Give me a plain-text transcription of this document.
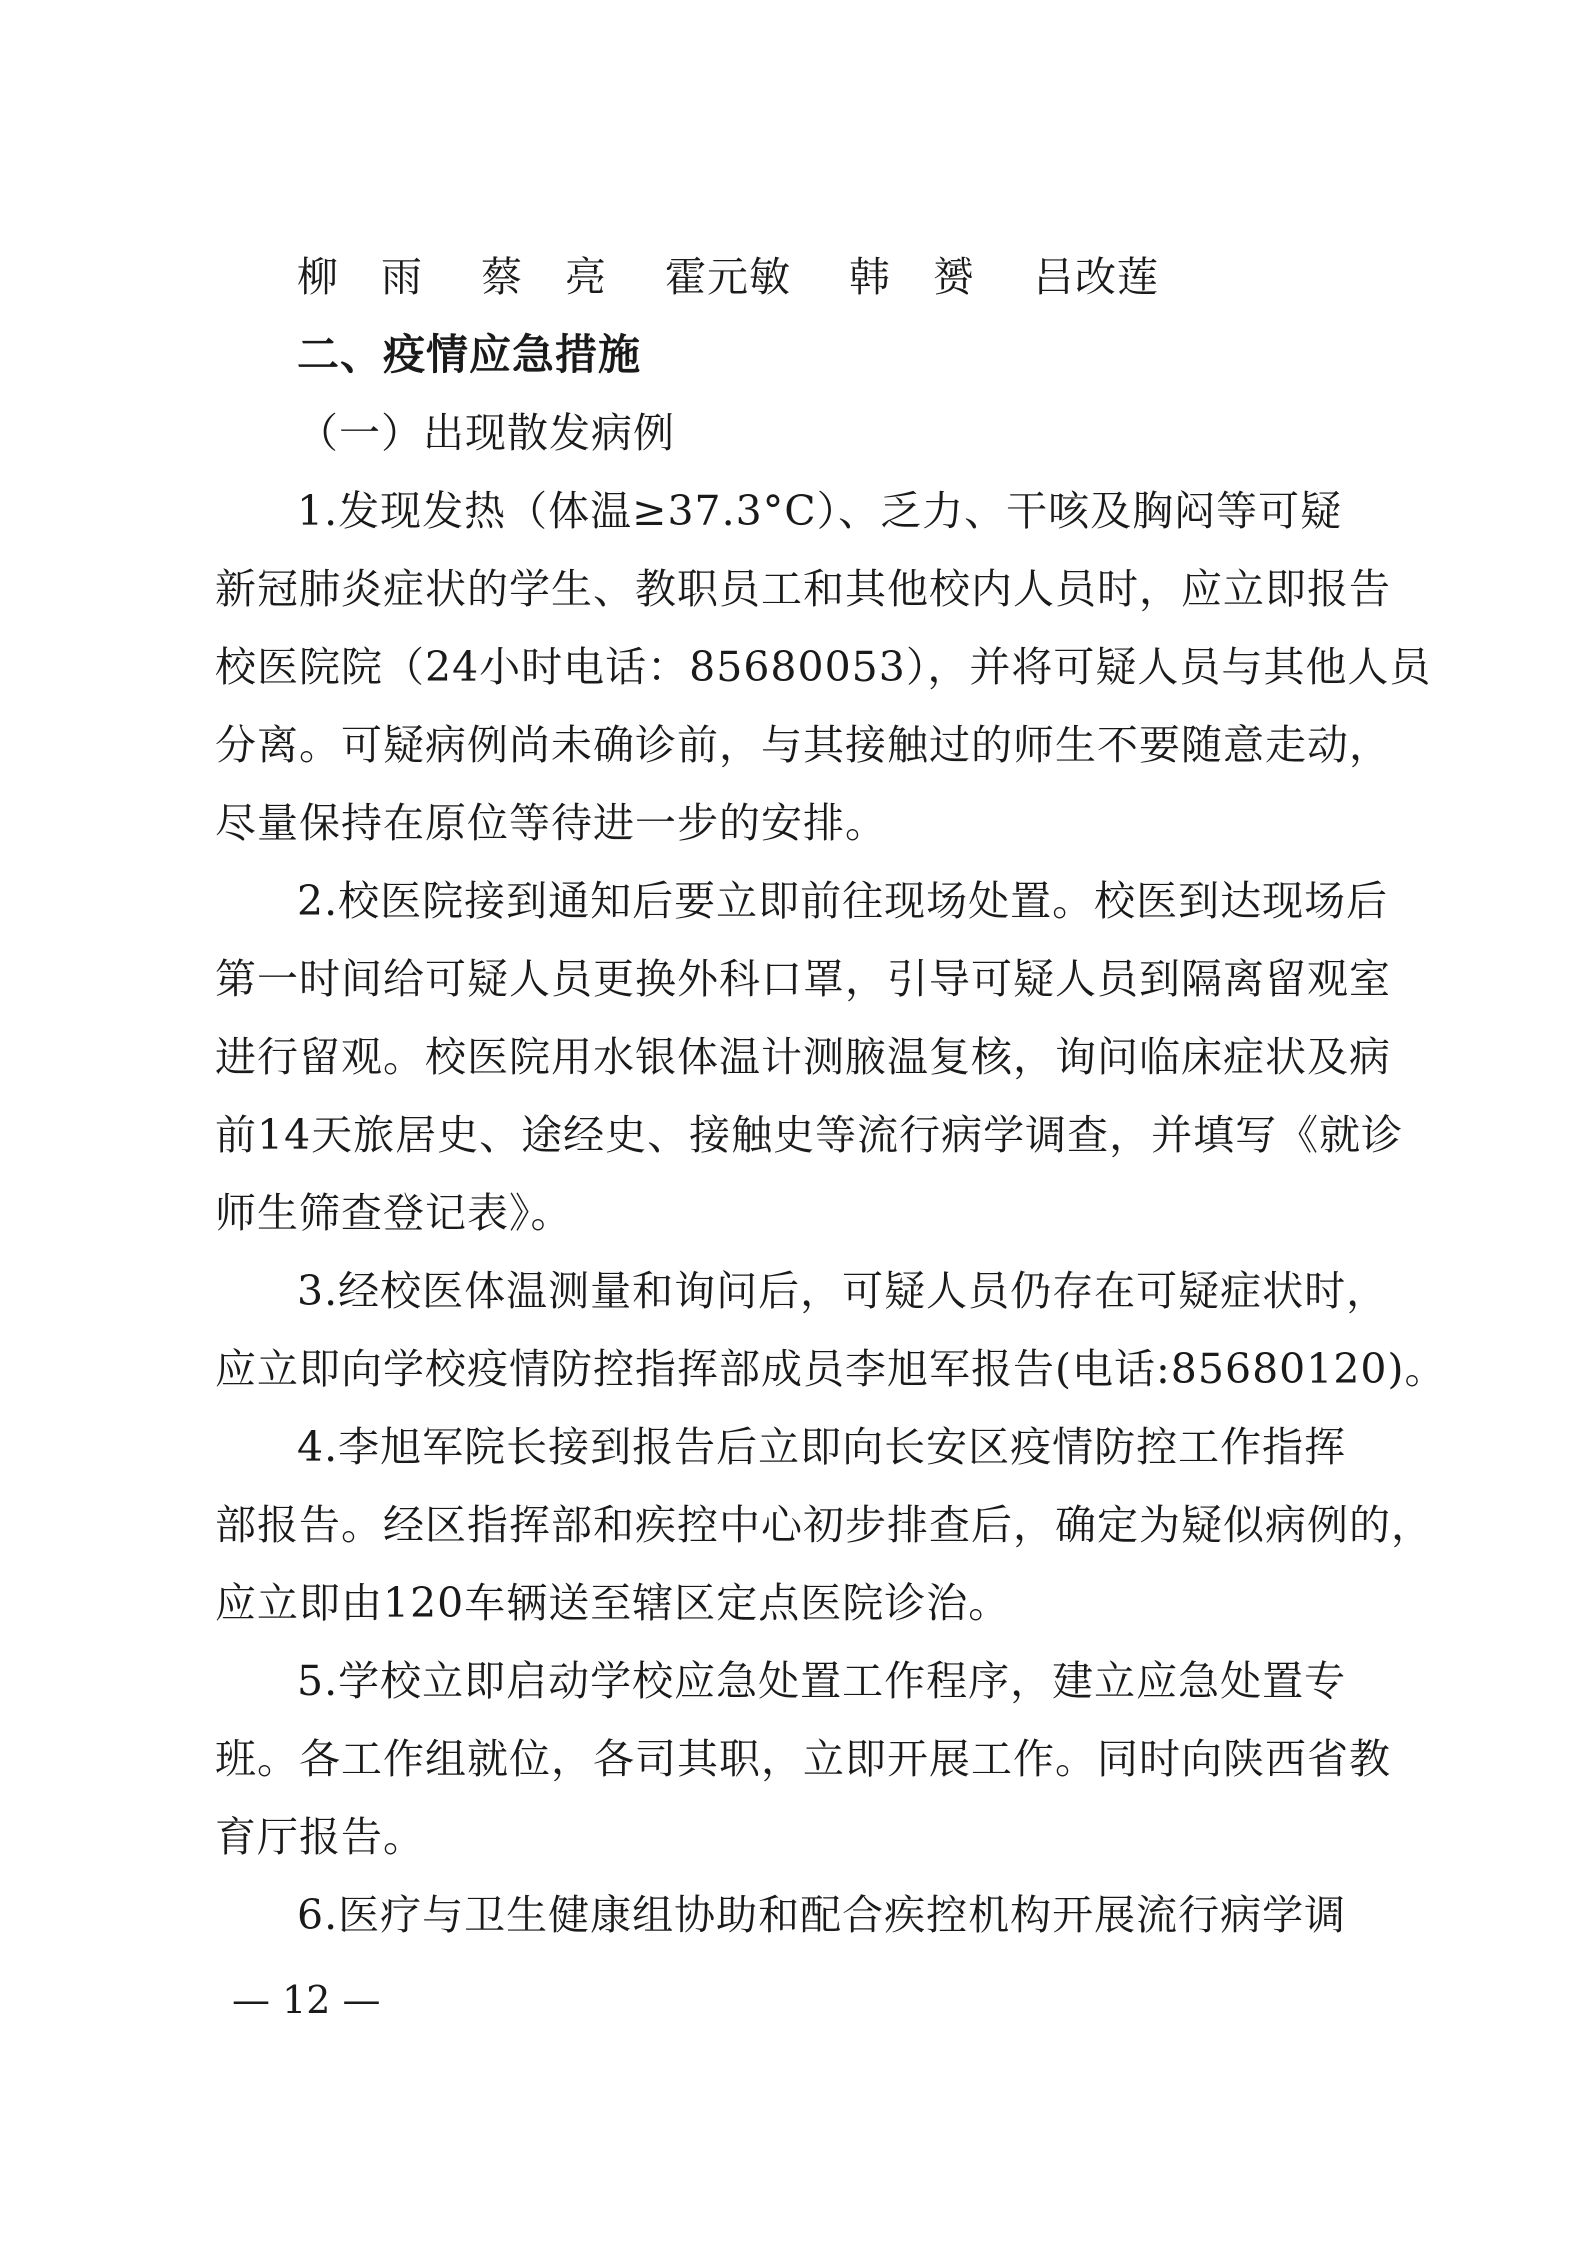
柳　雨 蔡　亮 霍元敏 韩　赟 吕改莲

二、疫情应急措施

（一）出现散发病例

1.发现发热（体温≥37.3°C）、乏力、干咳及胸闷等可疑

新冠肺炎症状的学生、教职员工和其他校内人员时，应立即报告

校医院院（24小时电话：85680053），并将可疑人员与其他人员

分离。可疑病例尚未确诊前，与其接触过的师生不要随意走动，

尽量保持在原位等待进一步的安排。

2.校医院接到通知后要立即前往现场处置。校医到达现场后

第一时间给可疑人员更换外科口罩，引导可疑人员到隔离留观室

进行留观。校医院用水银体温计测腋温复核，询问临床症状及病

前14天旅居史、途经史、接触史等流行病学调查，并填写《就诊

师生筛查登记表》。

3.经校医体温测量和询问后，可疑人员仍存在可疑症状时，

应立即向学校疫情防控指挥部成员李旭军报告(电话:85680120)。

4.李旭军院长接到报告后立即向长安区疫情防控工作指挥

部报告。经区指挥部和疾控中心初步排查后，确定为疑似病例的，

应立即由120车辆送至辖区定点医院诊治。

5.学校立即启动学校应急处置工作程序，建立应急处置专

班。各工作组就位，各司其职，立即开展工作。同时向陕西省教

育厅报告。

6.医疗与卫生健康组协助和配合疾控机构开展流行病学调

— 12 —
